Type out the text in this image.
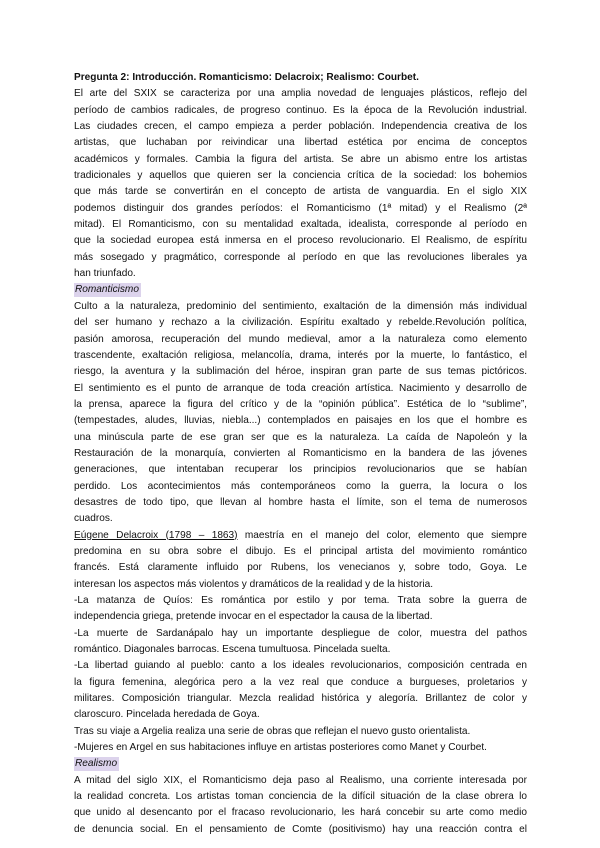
Pregunta 2: Introducción. Romanticismo: Delacroix; Realismo: Courbet.
El arte del SXIX se caracteriza por una amplia novedad de lenguajes plásticos, reflejo del
período de cambios radicales, de progreso continuo. Es la época de la Revolución industrial.
Las ciudades crecen, el campo empieza a perder población. Independencia creativa de los
artistas, que luchaban por reivindicar una libertad estética por encima de conceptos
académicos y formales. Cambia la figura del artista. Se abre un abismo entre los artistas
tradicionales y aquellos que quieren ser la conciencia crítica de la sociedad: los bohemios
que más tarde se convertirán en el concepto de artista de vanguardia. En el siglo XIX
podemos distinguir dos grandes períodos: el Romanticismo (1ª mitad) y el Realismo (2ª
mitad). El Romanticismo, con su mentalidad exaltada, idealista, corresponde al período en
que la sociedad europea está inmersa en el proceso revolucionario. El Realismo, de espíritu
más sosegado y pragmático, corresponde al período en que las revoluciones liberales ya
han triunfado.
Romanticismo
Culto a la naturaleza, predominio del sentimiento, exaltación de la dimensión más individual
del ser humano y rechazo a la civilización. Espíritu exaltado y rebelde.Revolución política,
pasión amorosa, recuperación del mundo medieval, amor a la naturaleza como elemento
trascendente, exaltación religiosa, melancolía, drama, interés por la muerte, lo fantástico, el
riesgo, la aventura y la sublimación del héroe, inspiran gran parte de sus temas pictóricos.
El sentimiento es el punto de arranque de toda creación artística. Nacimiento y desarrollo de
la prensa, aparece la figura del crítico y de la “opinión pública”. Estética de lo “sublime”,
(tempestades, aludes, lluvias, niebla...) contemplados en paisajes en los que el hombre es
una minúscula parte de ese gran ser que es la naturaleza. La caída de Napoleón y la
Restauración de la monarquía, convierten al Romanticismo en la bandera de las jóvenes
generaciones, que intentaban recuperar los principios revolucionarios que se habían
perdido. Los acontecimientos más contemporáneos como la guerra, la locura o los
desastres de todo tipo, que llevan al hombre hasta el límite, son el tema de numerosos
cuadros.
Eúgene Delacroix (1798 – 1863) maestría en el manejo del color, elemento que siempre
predomina en su obra sobre el dibujo. Es el principal artista del movimiento romántico
francés. Está claramente influido por Rubens, los venecianos y, sobre todo, Goya. Le
interesan los aspectos más violentos y dramáticos de la realidad y de la historia.
-La matanza de Quíos: Es romántica por estilo y por tema. Trata sobre la guerra de
independencia griega, pretende invocar en el espectador la causa de la libertad.
-La muerte de Sardanápalo hay un importante despliegue de color, muestra del pathos
romántico. Diagonales barrocas. Escena tumultuosa. Pincelada suelta.
-La libertad guiando al pueblo: canto a los ideales revolucionarios, composición centrada en
la figura femenina, alegórica pero a la vez real que conduce a burgueses, proletarios y
militares. Composición triangular. Mezcla realidad histórica y alegoría. Brillantez de color y
claroscuro. Pincelada heredada de Goya.
Tras su viaje a Argelia realiza una serie de obras que reflejan el nuevo gusto orientalista.
-Mujeres en Argel en sus habitaciones influye en artistas posteriores como Manet y Courbet.
Realismo
A mitad del siglo XIX, el Romanticismo deja paso al Realismo, una corriente interesada por
la realidad concreta. Los artistas toman conciencia de la difícil situación de la clase obrera lo
que unido al desencanto por el fracaso revolucionario, les hará concebir su arte como medio
de denuncia social. En el pensamiento de Comte (positivismo) hay una reacción contra el
